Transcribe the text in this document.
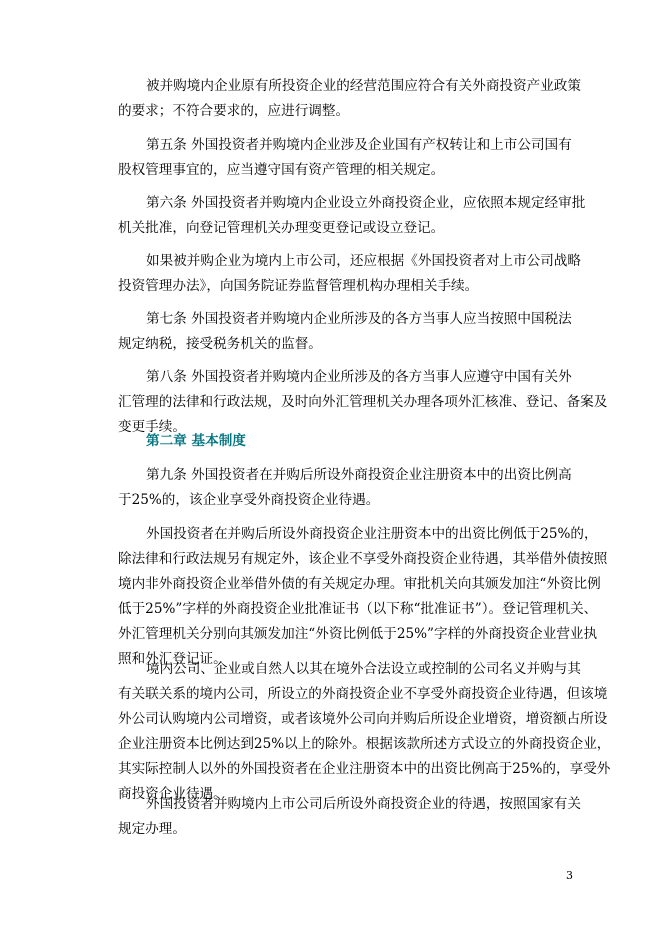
被并购境内企业原有所投资企业的经营范围应符合有关外商投资产业政策
的要求；不符合要求的，应进行调整。

第五条 外国投资者并购境内企业涉及企业国有产权转让和上市公司国有
股权管理事宜的，应当遵守国有资产管理的相关规定。

第六条 外国投资者并购境内企业设立外商投资企业，应依照本规定经审批
机关批准，向登记管理机关办理变更登记或设立登记。

如果被并购企业为境内上市公司，还应根据《外国投资者对上市公司战略
投资管理办法》，向国务院证券监督管理机构办理相关手续。

第七条 外国投资者并购境内企业所涉及的各方当事人应当按照中国税法
规定纳税，接受税务机关的监督。

第八条 外国投资者并购境内企业所涉及的各方当事人应遵守中国有关外
汇管理的法律和行政法规，及时向外汇管理机关办理各项外汇核准、登记、备案及
变更手续。

第二章 基本制度

第九条 外国投资者在并购后所设外商投资企业注册资本中的出资比例高
于25%的，该企业享受外商投资企业待遇。

外国投资者在并购后所设外商投资企业注册资本中的出资比例低于25%的，
除法律和行政法规另有规定外，该企业不享受外商投资企业待遇，其举借外债按照
境内非外商投资企业举借外债的有关规定办理。审批机关向其颁发加注“外资比例
低于25%”字样的外商投资企业批准证书（以下称“批准证书”）。登记管理机关、
外汇管理机关分别向其颁发加注“外资比例低于25%”字样的外商投资企业营业执
照和外汇登记证。

境内公司、企业或自然人以其在境外合法设立或控制的公司名义并购与其
有关联关系的境内公司，所设立的外商投资企业不享受外商投资企业待遇，但该境
外公司认购境内公司增资，或者该境外公司向并购后所设企业增资，增资额占所设
企业注册资本比例达到25%以上的除外。根据该款所述方式设立的外商投资企业，
其实际控制人以外的外国投资者在企业注册资本中的出资比例高于25%的，享受外
商投资企业待遇。

外国投资者并购境内上市公司后所设外商投资企业的待遇，按照国家有关
规定办理。

3
